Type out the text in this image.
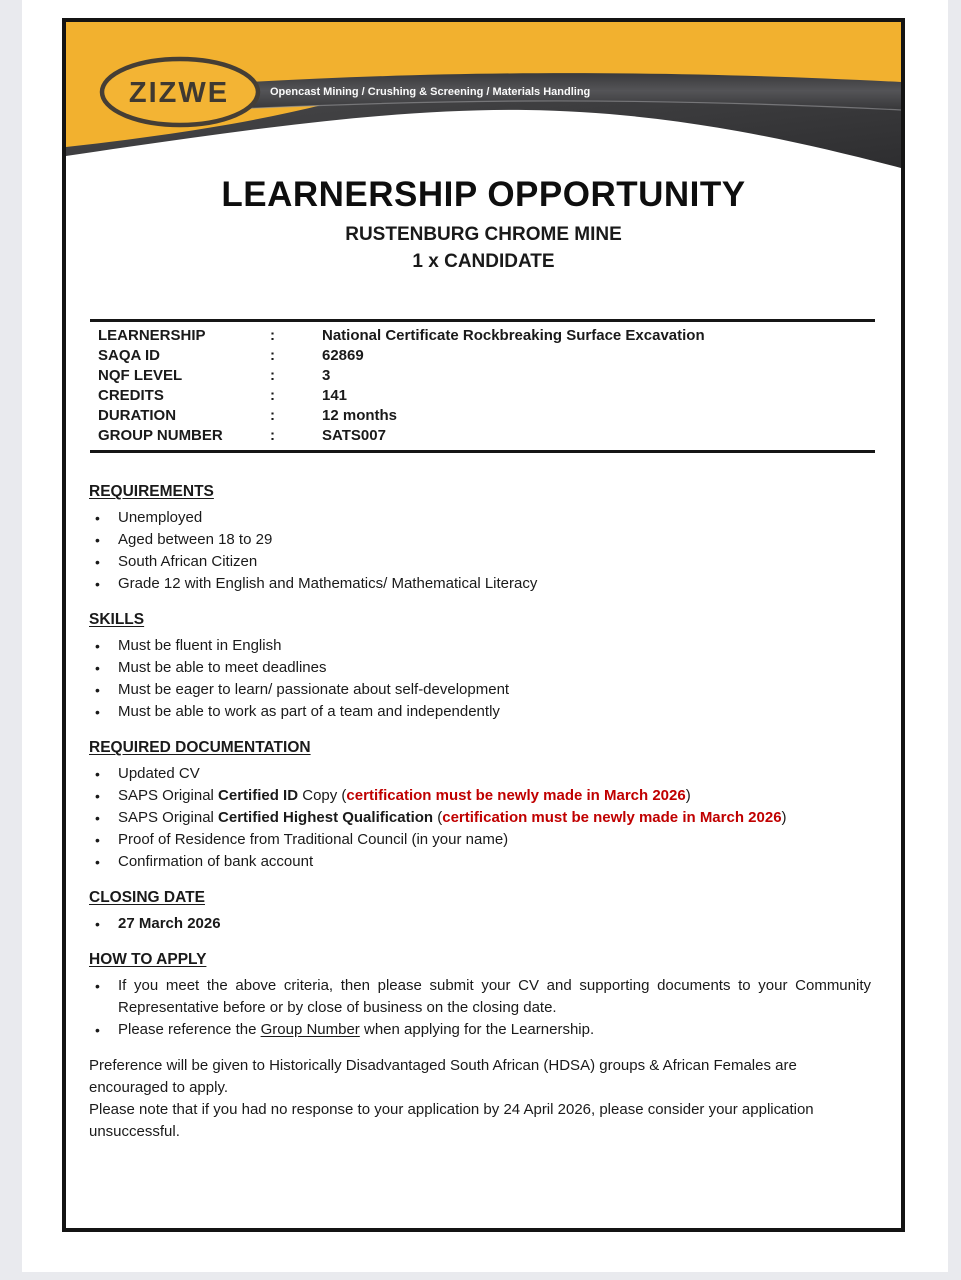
ZIZWE	Opencast Mining / Crushing & Screening / Materials Handling
LEARNERSHIP OPPORTUNITY
RUSTENBURG CHROME MINE
1 x CANDIDATE
LEARNERSHIP	:	National Certificate Rockbreaking Surface Excavation
SAQA ID	:	62869
NQF LEVEL	:	3
CREDITS	:	141
DURATION	:	12 months
GROUP NUMBER	:	SATS007
REQUIREMENTS
• Unemployed
• Aged between 18 to 29
• South African Citizen
• Grade 12 with English and Mathematics/ Mathematical Literacy
SKILLS
• Must be fluent in English
• Must be able to meet deadlines
• Must be eager to learn/ passionate about self-development
• Must be able to work as part of a team and independently
REQUIRED DOCUMENTATION
• Updated CV
• SAPS Original Certified ID Copy (certification must be newly made in March 2026)
• SAPS Original Certified Highest Qualification (certification must be newly made in March 2026)
• Proof of Residence from Traditional Council (in your name)
• Confirmation of bank account
CLOSING DATE
• 27 March 2026
HOW TO APPLY
• If you meet the above criteria, then please submit your CV and supporting documents to your Community Representative before or by close of business on the closing date.
• Please reference the Group Number when applying for the Learnership.

Preference will be given to Historically Disadvantaged South African (HDSA) groups & African Females are encouraged to apply.
Please note that if you had no response to your application by 24 April 2026, please consider your application unsuccessful.
